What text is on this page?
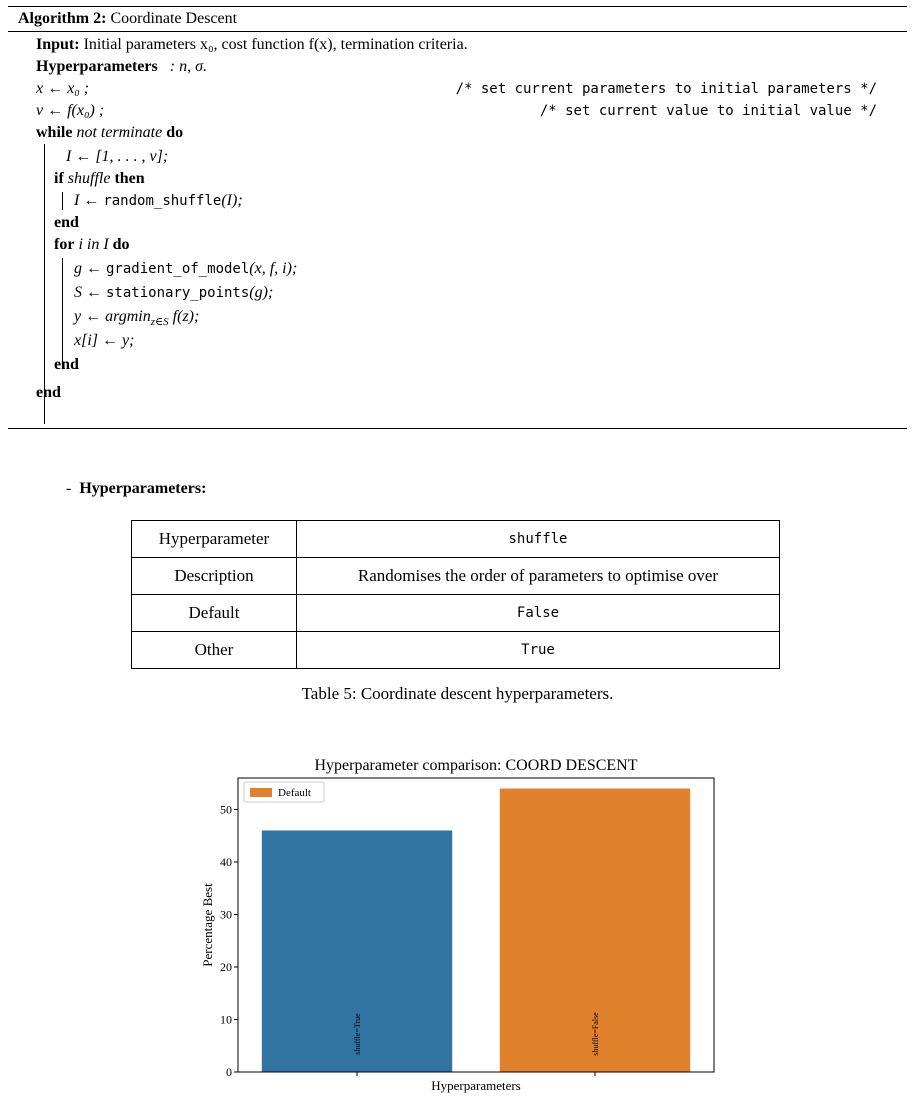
Algorithm 2: Coordinate Descent
Input: Initial parameters x₀, cost function f(x), termination criteria.
Hyperparameters : n, σ.
x ← x₀ ;	/* set current parameters to initial parameters */
v ← f(x₀) ;	/* set current value to initial value */
while not terminate do
I ← [1, . . . , v];
if shuffle then
I ← random_shuffle(I);
end
for i in I do
g ← gradient_of_model(x, f, i);
S ← stationary_points(g);
y ← argmin$_{z\in S}$ f(z);
x[i] ← y;
end
end
- Hyperparameters:
Hyperparameter	shuffle
Description	Randomises the order of parameters to optimise over
Default	False
Other	True
Table 5: Coordinate descent hyperparameters.
Hyperparameter comparison: COORD DESCENT
shuffle=True	shuffle=False
0
10
20
30
40
50
Percentage Best
Hyperparameters
Default
